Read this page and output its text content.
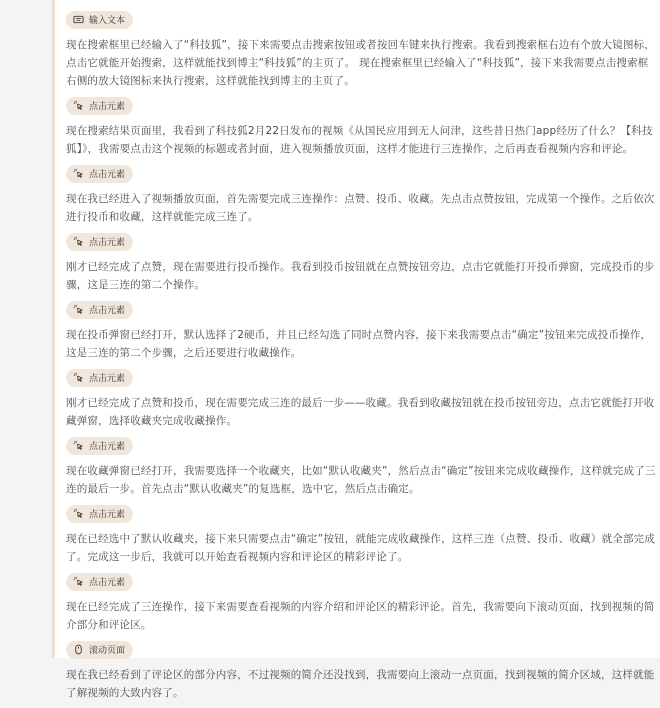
输入文本

现在搜索框里已经输入了“科技狐”，接下来需要点击搜索按钮或者按回车键来执行搜索。我看到搜索框右边有个放大镜图标，点击它就能开始搜索，这样就能找到博主“科技狐”的主页了。 现在搜索框里已经输入了“科技狐”，接下来我需要点击搜索框右侧的放大镜图标来执行搜索，这样就能找到博主的主页了。

点击元素

现在搜索结果页面里，我看到了科技狐2月22日发布的视频《从国民应用到无人问津，这些昔日热门app经历了什么？【科技狐】》，我需要点击这个视频的标题或者封面，进入视频播放页面，这样才能进行三连操作，之后再查看视频内容和评论。

点击元素

现在我已经进入了视频播放页面，首先需要完成三连操作：点赞、投币、收藏。先点击点赞按钮，完成第一个操作。之后依次进行投币和收藏，这样就能完成三连了。

点击元素

刚才已经完成了点赞，现在需要进行投币操作。我看到投币按钮就在点赞按钮旁边，点击它就能打开投币弹窗，完成投币的步骤，这是三连的第二个操作。

点击元素

现在投币弹窗已经打开，默认选择了2硬币，并且已经勾选了同时点赞内容，接下来我需要点击“确定”按钮来完成投币操作，这是三连的第二个步骤，之后还要进行收藏操作。

点击元素

刚才已经完成了点赞和投币，现在需要完成三连的最后一步——收藏。我看到收藏按钮就在投币按钮旁边，点击它就能打开收藏弹窗，选择收藏夹完成收藏操作。

点击元素

现在收藏弹窗已经打开，我需要选择一个收藏夹，比如“默认收藏夹”，然后点击“确定”按钮来完成收藏操作，这样就完成了三连的最后一步。首先点击“默认收藏夹”的复选框，选中它，然后点击确定。

点击元素

现在已经选中了默认收藏夹，接下来只需要点击“确定”按钮，就能完成收藏操作，这样三连（点赞、投币、收藏）就全部完成了。完成这一步后，我就可以开始查看视频内容和评论区的精彩评论了。

点击元素

现在已经完成了三连操作，接下来需要查看视频的内容介绍和评论区的精彩评论。首先，我需要向下滚动页面，找到视频的简介部分和评论区。

滚动页面

现在我已经看到了评论区的部分内容，不过视频的简介还没找到，我需要向上滚动一点页面，找到视频的简介区域，这样就能了解视频的大致内容了。
